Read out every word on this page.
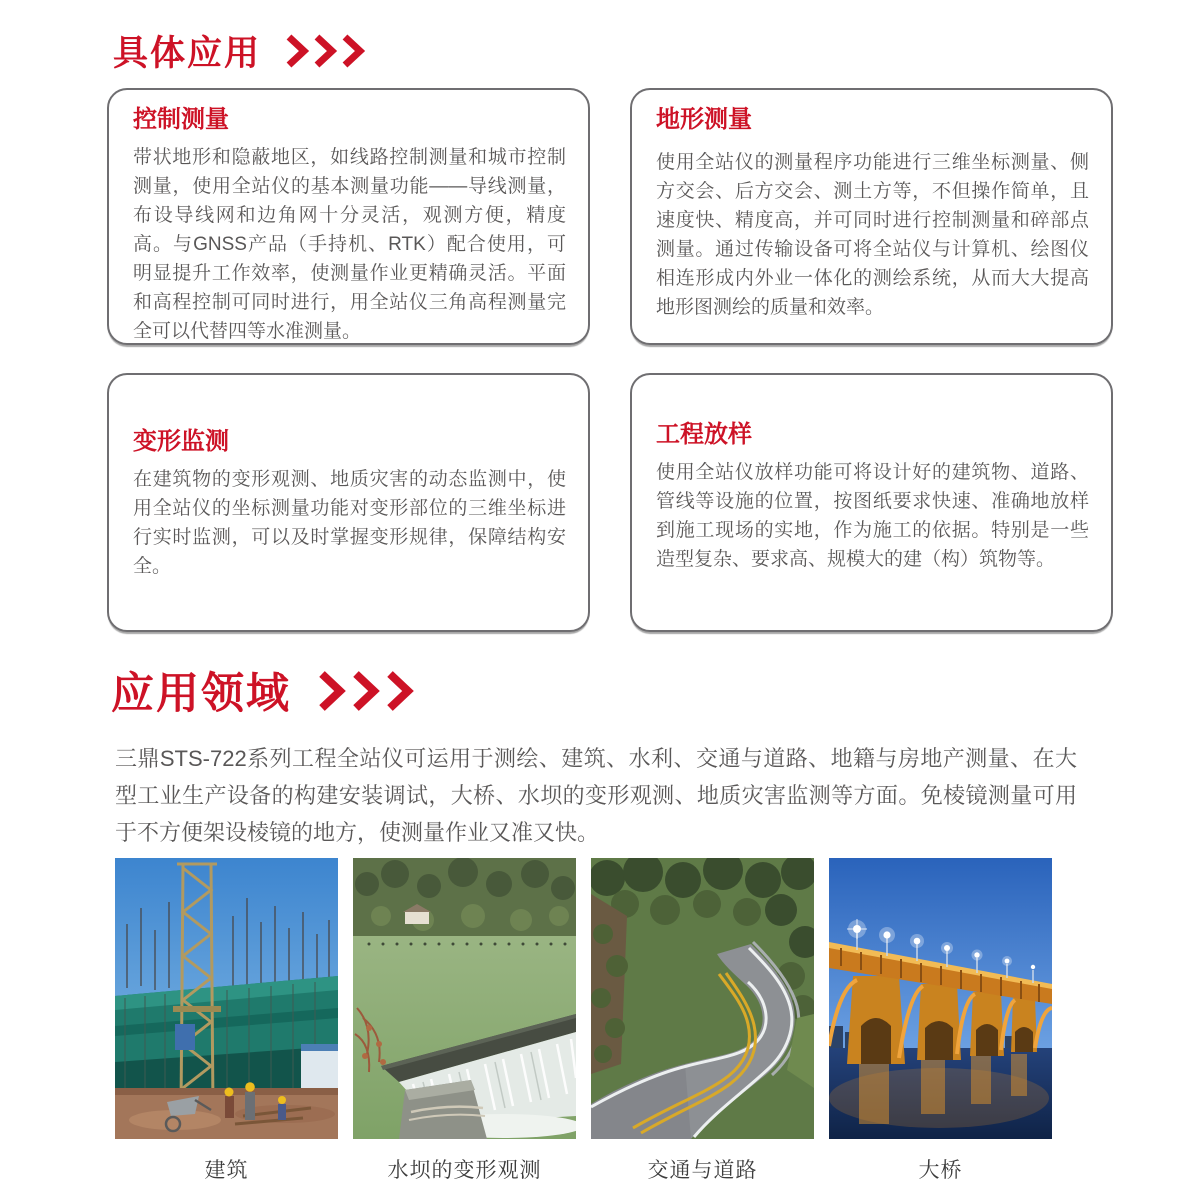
具体应用
控制测量

带状地形和隐蔽地区，如线路控制测量和城市控制测量，使用全站仪的基本测量功能——导线测量，布设导线网和边角网十分灵活，观测方便，精度高。与GNSS产品（手持机、RTK）配合使用，可明显提升工作效率，使测量作业更精确灵活。平面和高程控制可同时进行，用全站仪三角高程测量完全可以代替四等水准测量。

地形测量

使用全站仪的测量程序功能进行三维坐标测量、侧方交会、后方交会、测土方等，不但操作简单，且速度快、精度高，并可同时进行控制测量和碎部点测量。通过传输设备可将全站仪与计算机、绘图仪相连形成内外业一体化的测绘系统，从而大大提高地形图测绘的质量和效率。

变形监测

在建筑物的变形观测、地质灾害的动态监测中，使用全站仪的坐标测量功能对变形部位的三维坐标进行实时监测，可以及时掌握变形规律，保障结构安全。

工程放样

使用全站仪放样功能可将设计好的建筑物、道路、管线等设施的位置，按图纸要求快速、准确地放样到施工现场的实地，作为施工的依据。特别是一些造型复杂、要求高、规模大的建（构）筑物等。

应用领域

三鼎STS-722系列工程全站仪可运用于测绘、建筑、水利、交通与道路、地籍与房地产测量、在大型工业生产设备的构建安装调试，大桥、水坝的变形观测、地质灾害监测等方面。免棱镜测量可用于不方便架设棱镜的地方，使测量作业又准又快。

建筑	水坝的变形观测	交通与道路	大桥
